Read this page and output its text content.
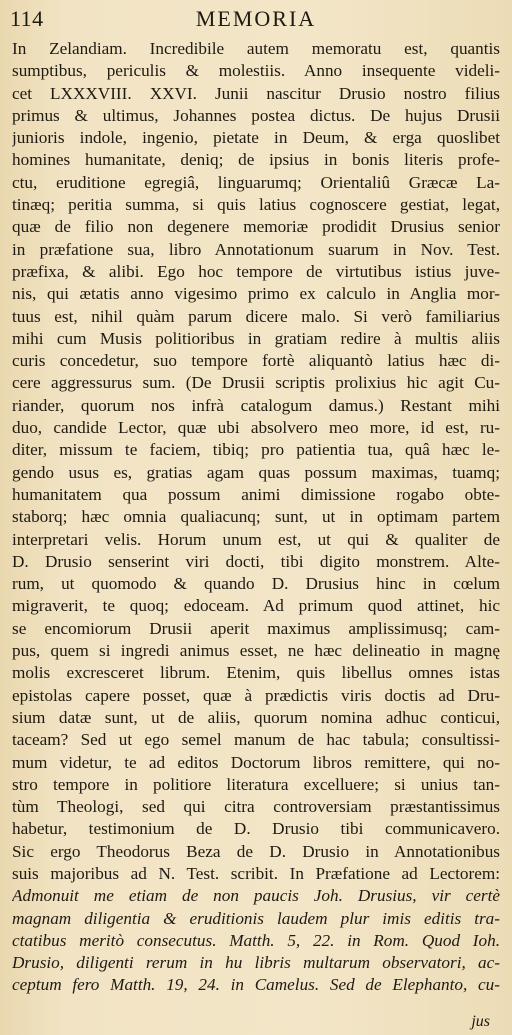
114	MEMORIA
In Zelandiam. Incredibile autem memoratu est, quantis
sumptibus, periculis & molestiis. Anno insequente videli-
cet LXXXVIII. XXVI. Junii nascitur Drusio nostro filius
primus & ultimus, Johannes postea dictus. De hujus Drusii
junioris indole, ingenio, pietate in Deum, & erga quoslibet
homines humanitate, deniq; de ipsius in bonis literis profe-
ctu, eruditione egregiâ, linguarumq; Orientaliû Græcæ La-
tinæq; peritia summa, si quis latius cognoscere gestiat, legat,
quæ de filio non degenere memoriæ prodidit Drusius senior
in præfatione sua, libro Annotationum suarum in Nov. Test.
præfixa, & alibi. Ego hoc tempore de virtutibus istius juve-
nis, qui ætatis anno vigesimo primo ex calculo in Anglia mor-
tuus est, nihil quàm parum dicere malo. Si verò familiarius
mihi cum Musis politioribus in gratiam redire à multis aliis
curis concedetur, suo tempore fortè aliquantò latius hæc di-
cere aggressurus sum. (De Drusii scriptis prolixius hic agit Cu-
riander, quorum nos infrà catalogum damus.) Restant mihi
duo, candide Lector, quæ ubi absolvero meo more, id est, ru-
diter, missum te faciem, tibiq; pro patientia tua, quâ hæc le-
gendo usus es, gratias agam quas possum maximas, tuamq;
humanitatem qua possum animi dimissione rogabo obte-
staborq; hæc omnia qualiacunq; sunt, ut in optimam partem
interpretari velis. Horum unum est, ut qui & qualiter de
D. Drusio senserint viri docti, tibi digito monstrem. Alte-
rum, ut quomodo & quando D. Drusius hinc in cœlum
migraverit, te quoq; edoceam. Ad primum quod attinet, hic
se encomiorum Drusii aperit maximus amplissimusq; cam-
pus, quem si ingredi animus esset, ne hæc delineatio in magnę
molis excresceret librum. Etenim, quis libellus omnes istas
epistolas capere posset, quæ à prædictis viris doctis ad Dru-
sium datæ sunt, ut de aliis, quorum nomina adhuc conticui,
taceam? Sed ut ego semel manum de hac tabula; consultissi-
mum videtur, te ad editos Doctorum libros remittere, qui no-
stro tempore in politiore literatura excelluere; si unius tan-
tùm Theologi, sed qui citra controversiam præstantissimus
habetur, testimonium de D. Drusio tibi communicavero.
Sic ergo Theodorus Beza de D. Drusio in Annotationibus
suis majoribus ad N. Test. scribit. In Præfatione ad Lectorem:
Admonuit me etiam de non paucis Joh. Drusius, vir certè
magnam diligentia & eruditionis laudem plur imis editis tra-
ctatibus meritò consecutus. Matth. 5, 22. in Rom. Quod Ioh.
Drusio, diligenti rerum in hu libris multarum observatori, ac-
ceptum fero Matth. 19, 24. in Camelus. Sed de Elephanto, cu-
jus
